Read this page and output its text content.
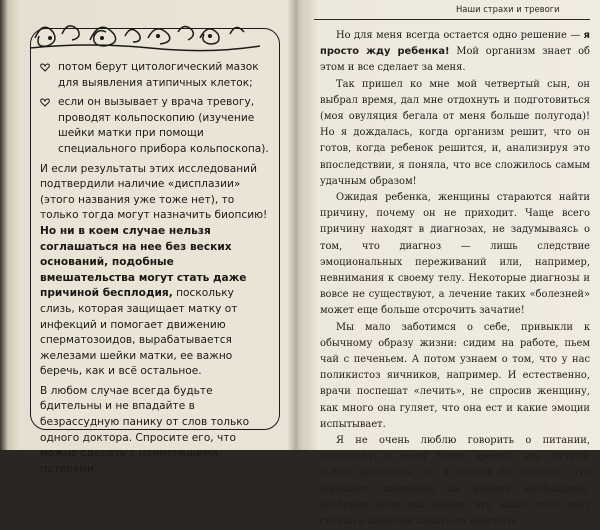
потом берут цитологический мазок для выявления атипичных клеток;
если он вызывает у врача тревогу, проводят кольпоскопию (изучение шейки матки при помощи специального прибора кольпоскопа).

И если результаты этих исследований подтвердили наличие «дисплазии» (этого названия уже тоже нет), то только тогда могут назначить биопсию! Но ни в коем случае нельзя соглашаться на нее без веских оснований, подобные вмешательства могут стать даже причиной бесплодия, поскольку слизь, которая защищает матку от инфекций и помогает движению сперматозоидов, вырабатывается железами шейки матки, ее важно беречь, как и всё остальное.

В любом случае всегда будьте бдительны и не впадайте в безрассудную панику от слов только одного доктора. Спросите его, что можно сделать с наименьшими потерями.

Наши страхи и тревоги

Но для меня всегда остается одно решение — я просто жду ребенка! Мой организм знает об этом и все сделает за меня.

Так пришел ко мне мой четвертый сын, он выбрал время, дал мне отдохнуть и подготовиться (моя овуляция бегала от меня больше полугода)! Но я дождалась, когда организм решит, что он готов, когда ребенок решится, и, анализируя это впоследствии, я поняла, что все сложилось самым удачным образом!

Ожидая ребенка, женщины стараются найти причину, почему он не приходит. Чаще всего причину находят в диагнозах, не задумываясь о том, что диагноз — лишь следствие эмоциональных переживаний или, например, невнимания к своему телу. Некоторые диагнозы и вовсе не существуют, а лечение таких «болезней» может еще больше отсрочить зачатие!

Мы мало заботимся о себе, привыкли к обычному образу жизни: сидим на работе, пьем чай с печеньем. А потом узнаем о том, что у нас поликистоз яичников, например. И естественно, врачи поспешат «лечить», не спросив женщину, как много она гуляет, что она ест и какие эмоции испытывает.

Я не очень люблю говорить о питании, поскольку, с моей точки зрения, это личный выбор женщины, но я хотела бы сказать, что обращать внимание на рацион необходимо, особенно если мы знаем, что наше тело дает сигнал о наличии какого-то диагноза.
